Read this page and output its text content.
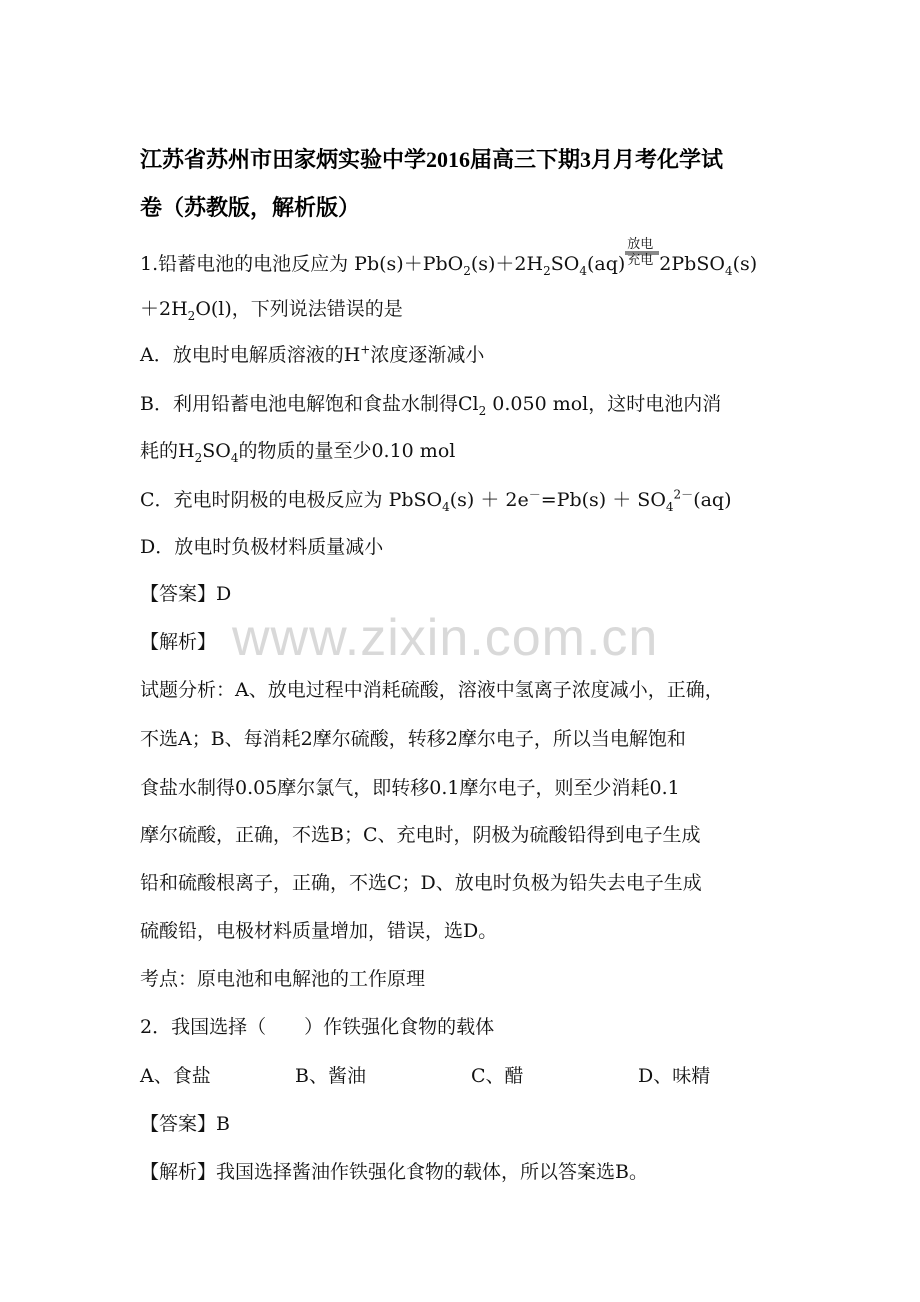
www.zixin.com.cn
江苏省苏州市田家炳实验中学2016届高三下期3月月考化学试
卷（苏教版，解析版）
1.铅蓄电池的电池反应为 $Pb(s)+PbO_2(s)+2H_2SO_4(aq)$
放电
充电 2PbSO$_4$(s)
$+2H_2O(l)$，下列说法错误的是
A．放电时电解质溶液的H+浓度逐渐减小
B．利用铅蓄电池电解饱和食盐水制得$Cl_2$ 0.050 mol，这时电池内消
耗的$H_2SO_4$的物质的量至少0.10 mol
C．充电时阴极的电极反应为 PbSO$_4$(s) ＋ $2e^-=Pb(s) + SO_4^{2-}(aq)$
D．放电时负极材料质量减小
【答案】D
【解析】
试题分析：A、放电过程中消耗硫酸，溶液中氢离子浓度减小，正确，
不选A；B、每消耗2摩尔硫酸，转移2摩尔电子，所以当电解饱和
食盐水制得0.05摩尔氯气，即转移0.1摩尔电子，则至少消耗0.1
摩尔硫酸，正确，不选B；C、充电时，阴极为硫酸铅得到电子生成
铅和硫酸根离子，正确，不选C；D、放电时负极为铅失去电子生成
硫酸铅，电极材料质量增加，错误，选D。
考点：原电池和电解池的工作原理
2．我国选择（　　）作铁强化食物的载体
A、食盐	B、酱油	C、醋	D、味精
【答案】B
【解析】我国选择酱油作铁强化食物的载体，所以答案选B。
